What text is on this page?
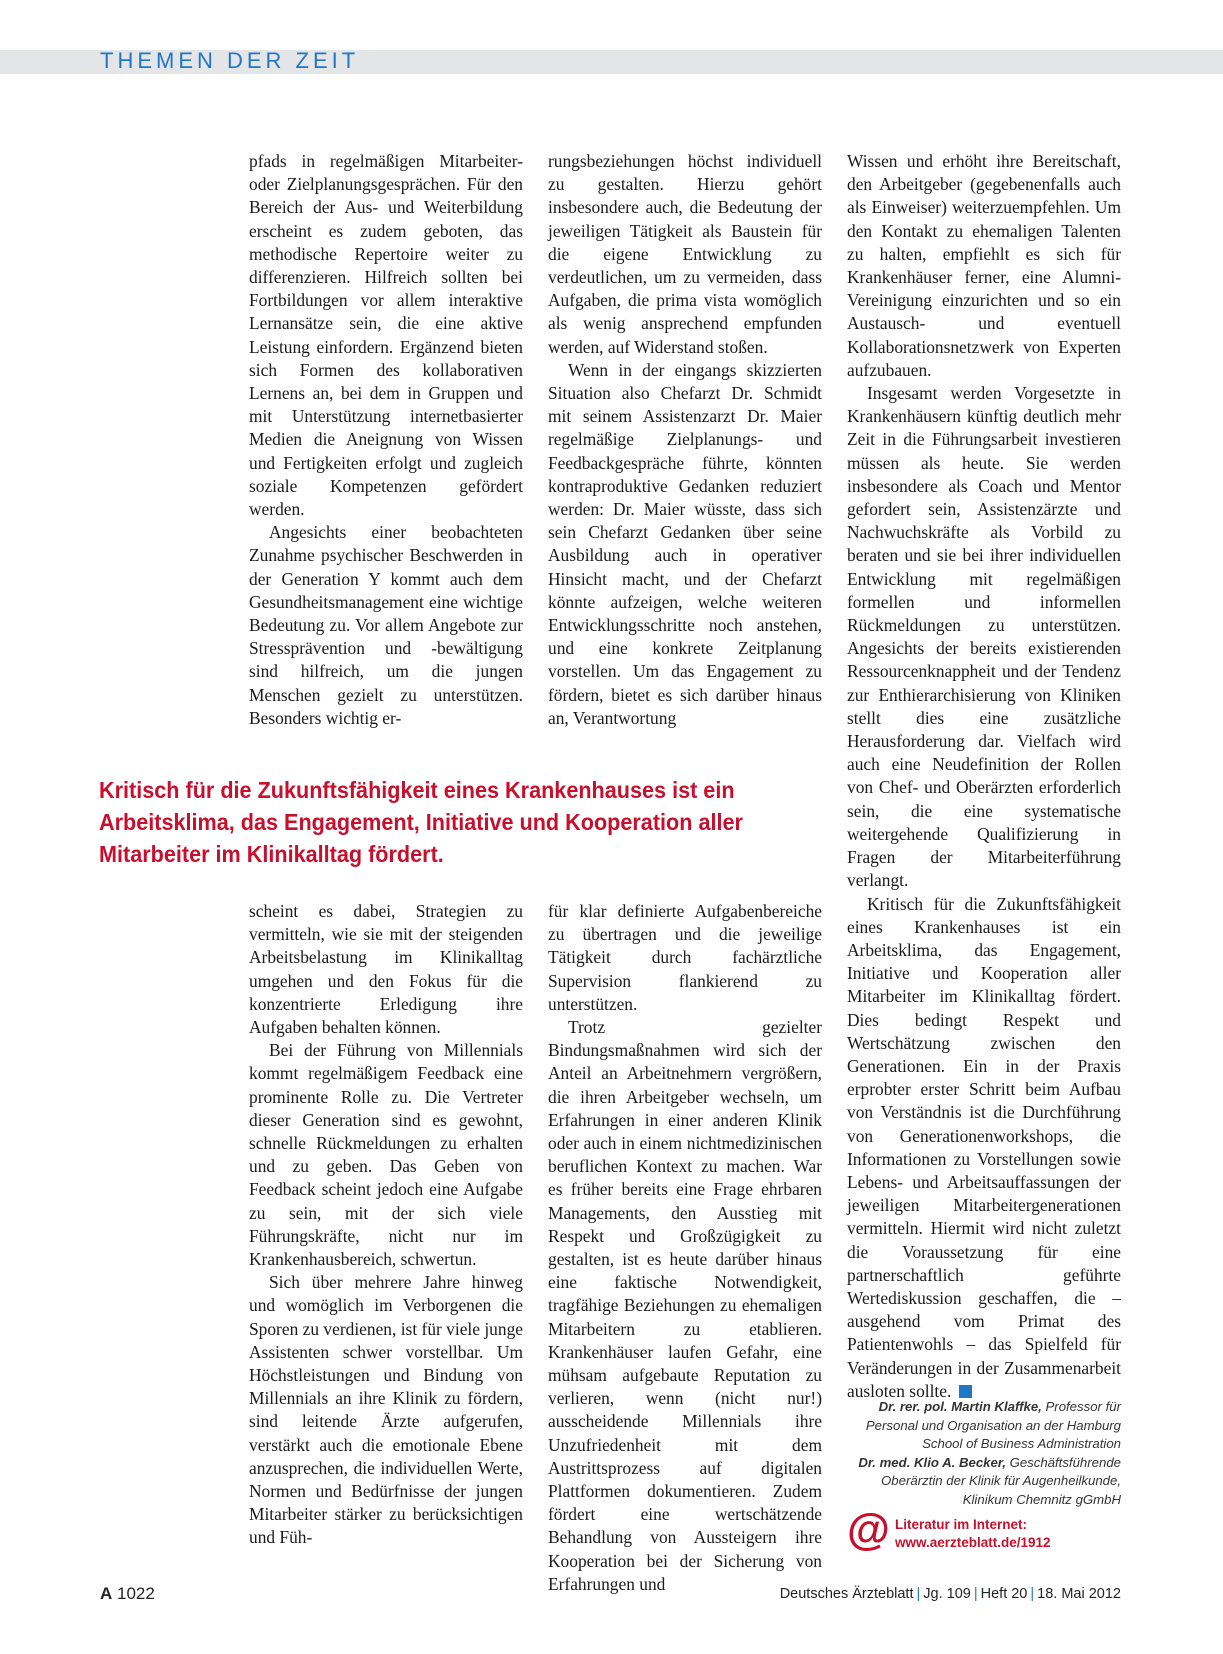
THEMEN DER ZEIT

pfads in regelmäßigen Mitarbeiter- oder Zielplanungsgesprächen. Für den Bereich der Aus- und Weiterbildung erscheint es zudem geboten, das methodische Repertoire weiter zu differenzieren. Hilfreich sollten bei Fortbildungen vor allem interaktive Lernansätze sein, die eine aktive Leistung einfordern. Ergänzend bieten sich Formen des kollaborativen Lernens an, bei dem in Gruppen und mit Unterstützung internetbasierter Medien die Aneignung von Wissen und Fertigkeiten erfolgt und zugleich soziale Kompetenzen gefördert werden.

Angesichts einer beobachteten Zunahme psychischer Beschwerden in der Generation Y kommt auch dem Gesundheitsmanagement eine wichtige Bedeutung zu. Vor allem Angebote zur Stressprävention und -bewältigung sind hilfreich, um die jungen Menschen gezielt zu unterstützen. Besonders wichtig er-

rungsbeziehungen höchst individuell zu gestalten. Hierzu gehört insbesondere auch, die Bedeutung der jeweiligen Tätigkeit als Baustein für die eigene Entwicklung zu verdeutlichen, um zu vermeiden, dass Aufgaben, die prima vista womöglich als wenig ansprechend empfunden werden, auf Widerstand stoßen.

Wenn in der eingangs skizzierten Situation also Chefarzt Dr. Schmidt mit seinem Assistenzarzt Dr. Maier regelmäßige Zielplanungs- und Feedbackgespräche führte, könnten kontraproduktive Gedanken reduziert werden: Dr. Maier wüsste, dass sich sein Chefarzt Gedanken über seine Ausbildung auch in operativer Hinsicht macht, und der Chefarzt könnte aufzeigen, welche weiteren Entwicklungsschritte noch anstehen, und eine konkrete Zeitplanung vorstellen. Um das Engagement zu fördern, bietet es sich darüber hinaus an, Verantwortung

Wissen und erhöht ihre Bereitschaft, den Arbeitgeber (gegebenenfalls auch als Einweiser) weiterzuempfehlen. Um den Kontakt zu ehemaligen Talenten zu halten, empfiehlt es sich für Krankenhäuser ferner, eine Alumni-Vereinigung einzurichten und so ein Austausch- und eventuell Kollaborationsnetzwerk von Experten aufzubauen.

Insgesamt werden Vorgesetzte in Krankenhäusern künftig deutlich mehr Zeit in die Führungsarbeit investieren müssen als heute. Sie werden insbesondere als Coach und Mentor gefordert sein, Assistenzärzte und Nachwuchskräfte als Vorbild zu beraten und sie bei ihrer individuellen Entwicklung mit regelmäßigen formellen und informellen Rückmeldungen zu unterstützen. Angesichts der bereits existierenden Ressourcenknappheit und der Tendenz zur Enthierarchisierung von Kliniken stellt dies eine zusätzliche Herausforderung dar. Vielfach wird auch eine Neudefinition der Rollen von Chef- und Oberärzten erforderlich sein, die eine systematische weitergehende Qualifizierung in Fragen der Mitarbeiterführung verlangt.

Kritisch für die Zukunftsfähigkeit eines Krankenhauses ist ein Arbeitsklima, das Engagement, Initiative und Kooperation aller Mitarbeiter im Klinikalltag fördert. Dies bedingt Respekt und Wertschätzung zwischen den Generationen. Ein in der Praxis erprobter erster Schritt beim Aufbau von Verständnis ist die Durchführung von Generationenworkshops, die Informationen zu Vorstellungen sowie Lebens- und Arbeitsauffassungen der jeweiligen Mitarbeitergenerationen vermitteln. Hiermit wird nicht zuletzt die Voraussetzung für eine partnerschaftlich geführte Wertediskussion geschaffen, die – ausgehend vom Primat des Patientenwohls – das Spielfeld für Veränderungen in der Zusammenarbeit ausloten sollte.

Kritisch für die Zukunftsfähigkeit eines Krankenhauses ist ein Arbeitsklima, das Engagement, Initiative und Kooperation aller Mitarbeiter im Klinikalltag fördert.

scheint es dabei, Strategien zu vermitteln, wie sie mit der steigenden Arbeitsbelastung im Klinikalltag umgehen und den Fokus für die konzentrierte Erledigung ihre Aufgaben behalten können.

Bei der Führung von Millennials kommt regelmäßigem Feedback eine prominente Rolle zu. Die Vertreter dieser Generation sind es gewohnt, schnelle Rückmeldungen zu erhalten und zu geben. Das Geben von Feedback scheint jedoch eine Aufgabe zu sein, mit der sich viele Führungskräfte, nicht nur im Krankenhausbereich, schwertun.

Sich über mehrere Jahre hinweg und womöglich im Verborgenen die Sporen zu verdienen, ist für viele junge Assistenten schwer vorstellbar. Um Höchstleistungen und Bindung von Millennials an ihre Klinik zu fördern, sind leitende Ärzte aufgerufen, verstärkt auch die emotionale Ebene anzusprechen, die individuellen Werte, Normen und Bedürfnisse der jungen Mitarbeiter stärker zu berücksichtigen und Füh-

für klar definierte Aufgabenbereiche zu übertragen und die jeweilige Tätigkeit durch fachärztliche Supervision flankierend zu unterstützen.

Trotz gezielter Bindungsmaßnahmen wird sich der Anteil an Arbeitnehmern vergrößern, die ihren Arbeitgeber wechseln, um Erfahrungen in einer anderen Klinik oder auch in einem nichtmedizinischen beruflichen Kontext zu machen. War es früher bereits eine Frage ehrbaren Managements, den Ausstieg mit Respekt und Großzügigkeit zu gestalten, ist es heute darüber hinaus eine faktische Notwendigkeit, tragfähige Beziehungen zu ehemaligen Mitarbeitern zu etablieren. Krankenhäuser laufen Gefahr, eine mühsam aufgebaute Reputation zu verlieren, wenn (nicht nur!) ausscheidende Millennials ihre Unzufriedenheit mit dem Austrittsprozess auf digitalen Plattformen dokumentieren. Zudem fördert eine wertschätzende Behandlung von Aussteigern ihre Kooperation bei der Sicherung von Erfahrungen und

Dr. rer. pol. Martin Klaffke, Professor für Personal und Organisation an der Hamburg School of Business Administration
Dr. med. Klio A. Becker, Geschäftsführende Oberärztin der Klinik für Augenheilkunde, Klinikum Chemnitz gGmbH
@ Literatur im Internet:
www.aerzteblatt.de/1912
A 1022	Deutsches Ärzteblatt | Jg. 109 | Heft 20 | 18. Mai 2012
